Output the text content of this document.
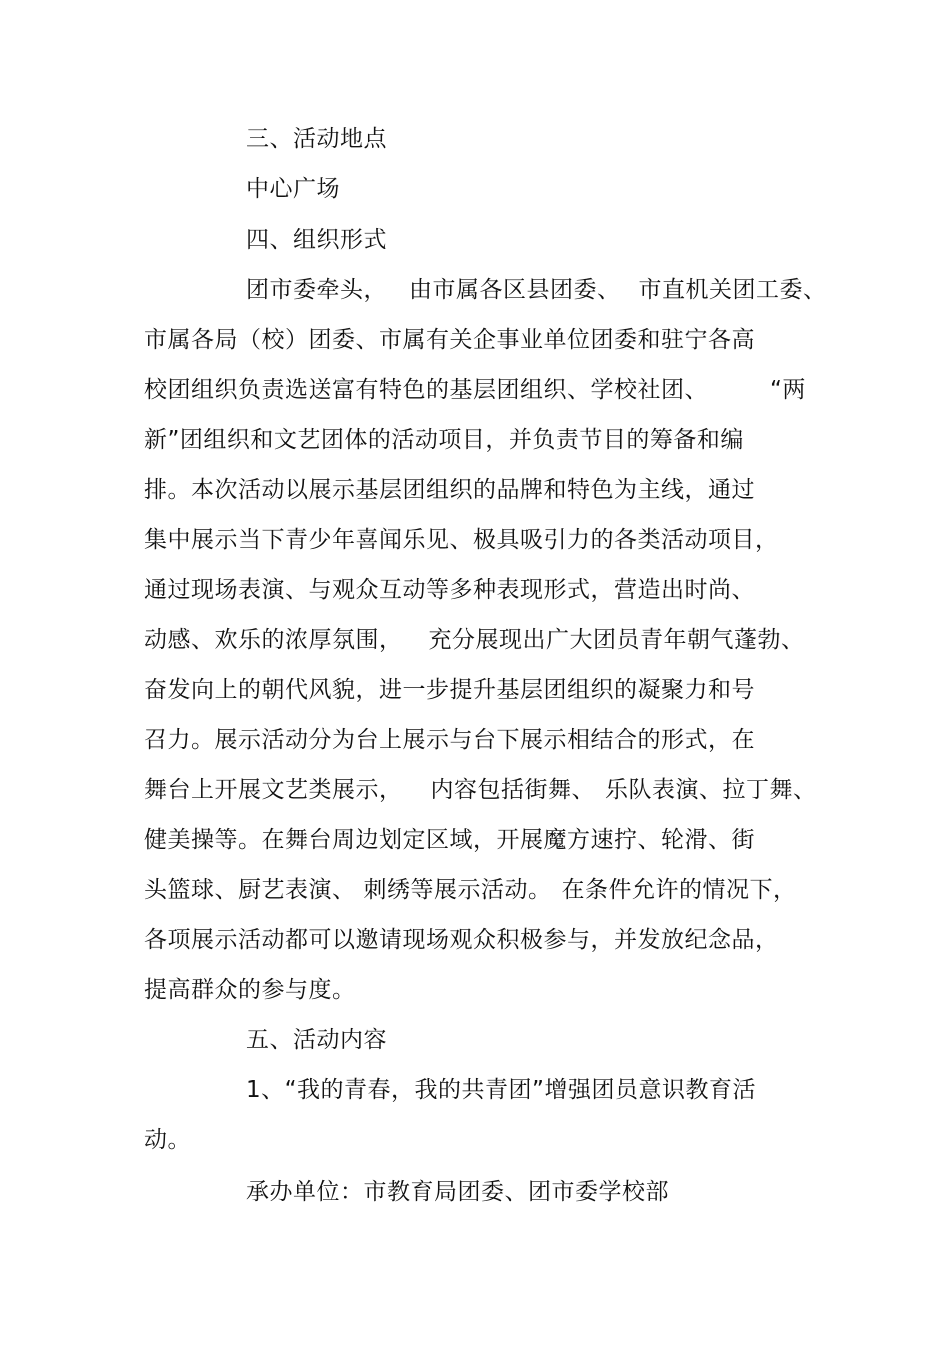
三、活动地点
中心广场
四、组织形式
团市委牵头， 由市属各区县团委、 市直机关团工委、
市属各局（校）团委、市属有关企事业单位团委和驻宁各高
校团组织负责选送富有特色的基层团组织、学校社团、	“两
新”团组织和文艺团体的活动项目，并负责节目的筹备和编
排。本次活动以展示基层团组织的品牌和特色为主线，通过
集中展示当下青少年喜闻乐见、极具吸引力的各类活动项目，
通过现场表演、与观众互动等多种表现形式，营造出时尚、
动感、欢乐的浓厚氛围， 充分展现出广大团员青年朝气蓬勃、
奋发向上的朝代风貌，进一步提升基层团组织的凝聚力和号
召力。展示活动分为台上展示与台下展示相结合的形式，在
舞台上开展文艺类展示， 内容包括街舞、 乐队表演、拉丁舞、
健美操等。在舞台周边划定区域，开展魔方速拧、轮滑、街
头篮球、厨艺表演、 刺绣等展示活动。 在条件允许的情况下，
各项展示活动都可以邀请现场观众积极参与，并发放纪念品，
提高群众的参与度。
五、活动内容
1、“我的青春，我的共青团”增强团员意识教育活
动。
承办单位：市教育局团委、团市委学校部
